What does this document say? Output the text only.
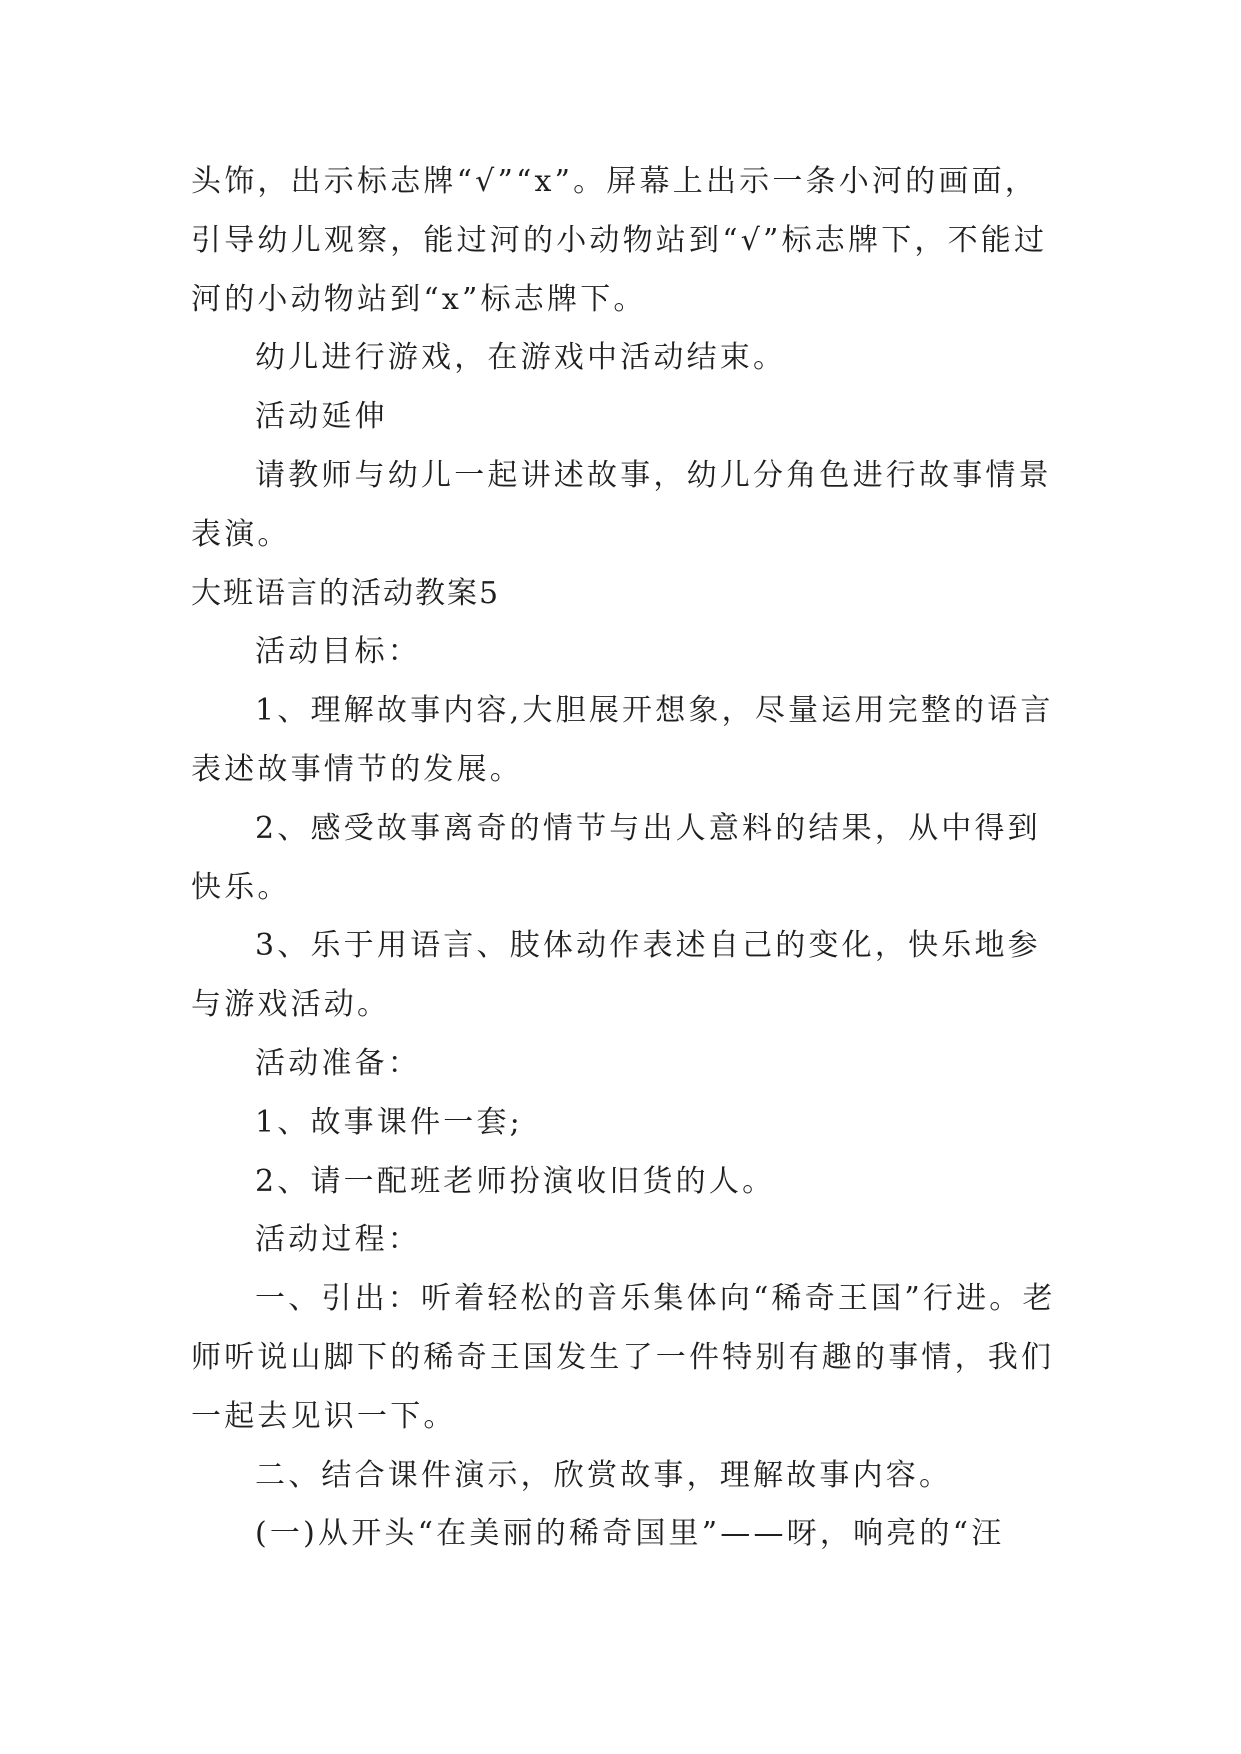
头饰，出示标志牌“√”“x”。屏幕上出示一条小河的画面，引导幼儿观察，能过河的小动物站到“√”标志牌下，不能过河的小动物站到“x”标志牌下。

幼儿进行游戏，在游戏中活动结束。

活动延伸

请教师与幼儿一起讲述故事，幼儿分角色进行故事情景表演。

大班语言的活动教案5

活动目标：

1、理解故事内容,大胆展开想象，尽量运用完整的语言表述故事情节的发展。

2、感受故事离奇的情节与出人意料的结果，从中得到快乐。

3、乐于用语言、肢体动作表述自己的变化，快乐地参与游戏活动。

活动准备：

1、故事课件一套;

2、请一配班老师扮演收旧货的人。

活动过程：

一、引出：听着轻松的音乐集体向“稀奇王国”行进。老师听说山脚下的稀奇王国发生了一件特别有趣的事情，我们一起去见识一下。

二、结合课件演示，欣赏故事，理解故事内容。

(一)从开头“在美丽的稀奇国里”——呀，响亮的“汪
